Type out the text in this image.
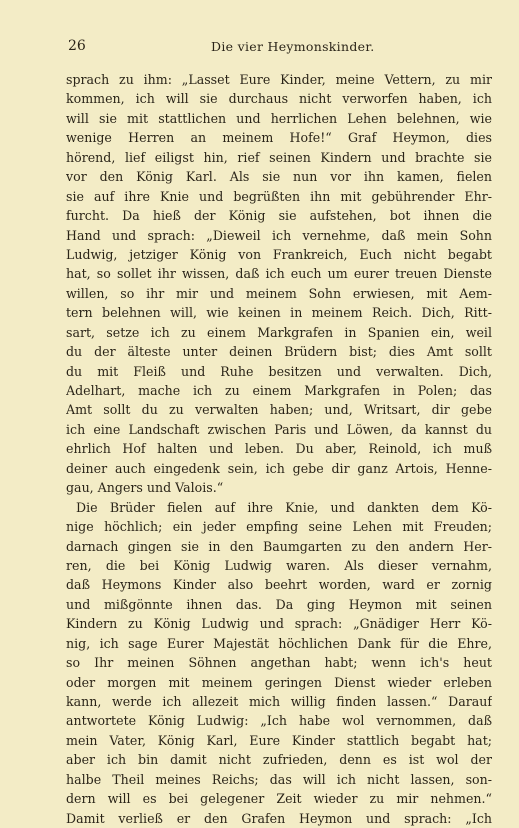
26	Die vier Heymonskinder.
sprach zu ihm: „Lasset Eure Kinder, meine Vettern, zu mir
kommen, ich will sie durchaus nicht verworfen haben, ich
will sie mit stattlichen und herrlichen Lehen belehnen, wie
wenige Herren an meinem Hofe!“ Graf Heymon, dies
hörend, lief eiligst hin, rief seinen Kindern und brachte sie
vor den König Karl. Als sie nun vor ihn kamen, fielen
sie auf ihre Knie und begrüßten ihn mit gebührender Ehr-
furcht. Da hieß der König sie aufstehen, bot ihnen die
Hand und sprach: „Dieweil ich vernehme, daß mein Sohn
Ludwig, jetziger König von Frankreich, Euch nicht begabt
hat, so sollet ihr wissen, daß ich euch um eurer treuen Dienste
willen, so ihr mir und meinem Sohn erwiesen, mit Aem-
tern belehnen will, wie keinen in meinem Reich. Dich, Ritt-
sart, setze ich zu einem Markgrafen in Spanien ein, weil
du der älteste unter deinen Brüdern bist; dies Amt sollt
du mit Fleiß und Ruhe besitzen und verwalten. Dich,
Adelhart, mache ich zu einem Markgrafen in Polen; das
Amt sollt du zu verwalten haben; und, Writsart, dir gebe
ich eine Landschaft zwischen Paris und Löwen, da kannst du
ehrlich Hof halten und leben. Du aber, Reinold, ich muß
deiner auch eingedenk sein, ich gebe dir ganz Artois, Henne-
gau, Angers und Valois.“
Die Brüder fielen auf ihre Knie, und dankten dem Kö-
nige höchlich; ein jeder empfing seine Lehen mit Freuden;
darnach gingen sie in den Baumgarten zu den andern Her-
ren, die bei König Ludwig waren. Als dieser vernahm,
daß Heymons Kinder also beehrt worden, ward er zornig
und mißgönnte ihnen das. Da ging Heymon mit seinen
Kindern zu König Ludwig und sprach: „Gnädiger Herr Kö-
nig, ich sage Eurer Majestät höchlichen Dank für die Ehre,
so Ihr meinen Söhnen angethan habt; wenn ich's heut
oder morgen mit meinem geringen Dienst wieder erleben
kann, werde ich allezeit mich willig finden lassen.“ Darauf
antwortete König Ludwig: „Ich habe wol vernommen, daß
mein Vater, König Karl, Eure Kinder stattlich begabt hat;
aber ich bin damit nicht zufrieden, denn es ist wol der
halbe Theil meines Reichs; das will ich nicht lassen, son-
dern will es bei gelegener Zeit wieder zu mir nehmen.“
Damit verließ er den Grafen Heymon und sprach: „Ich
